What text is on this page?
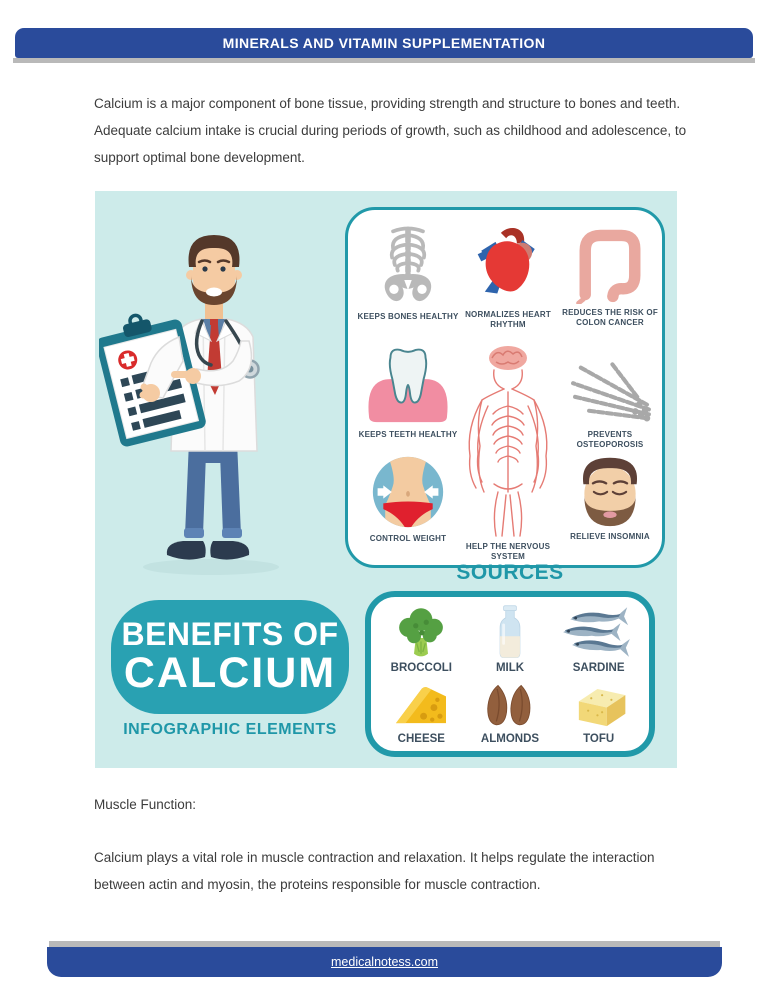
MINERALS AND VITAMIN SUPPLEMENTATION
Calcium is a major component of bone tissue, providing strength and structure to bones and teeth.
Adequate calcium intake is crucial during periods of growth, such as childhood and adolescence, to
support optimal bone development.
KEEPS BONES HEALTHY NORMALIZES HEART RHYTHM
REDUCES THE RISK OF COLON CANCER
KEEPS TEETH HEALTHY	PREVENTS OSTEOPOROSIS
CONTROL WEIGHT
HELP THE NERVOUS SYSTEM
RELIEVE INSOMNIA
SOURCES
BROCCOLI	MILK	SARDINE
CHEESE	ALMONDS	TOFU
BENEFITS OF
CALCIUM
INFOGRAPHIC ELEMENTS
Muscle Function:
Calcium plays a vital role in muscle contraction and relaxation. It helps regulate the interaction
between actin and myosin, the proteins responsible for muscle contraction.
medicalnotess.com
